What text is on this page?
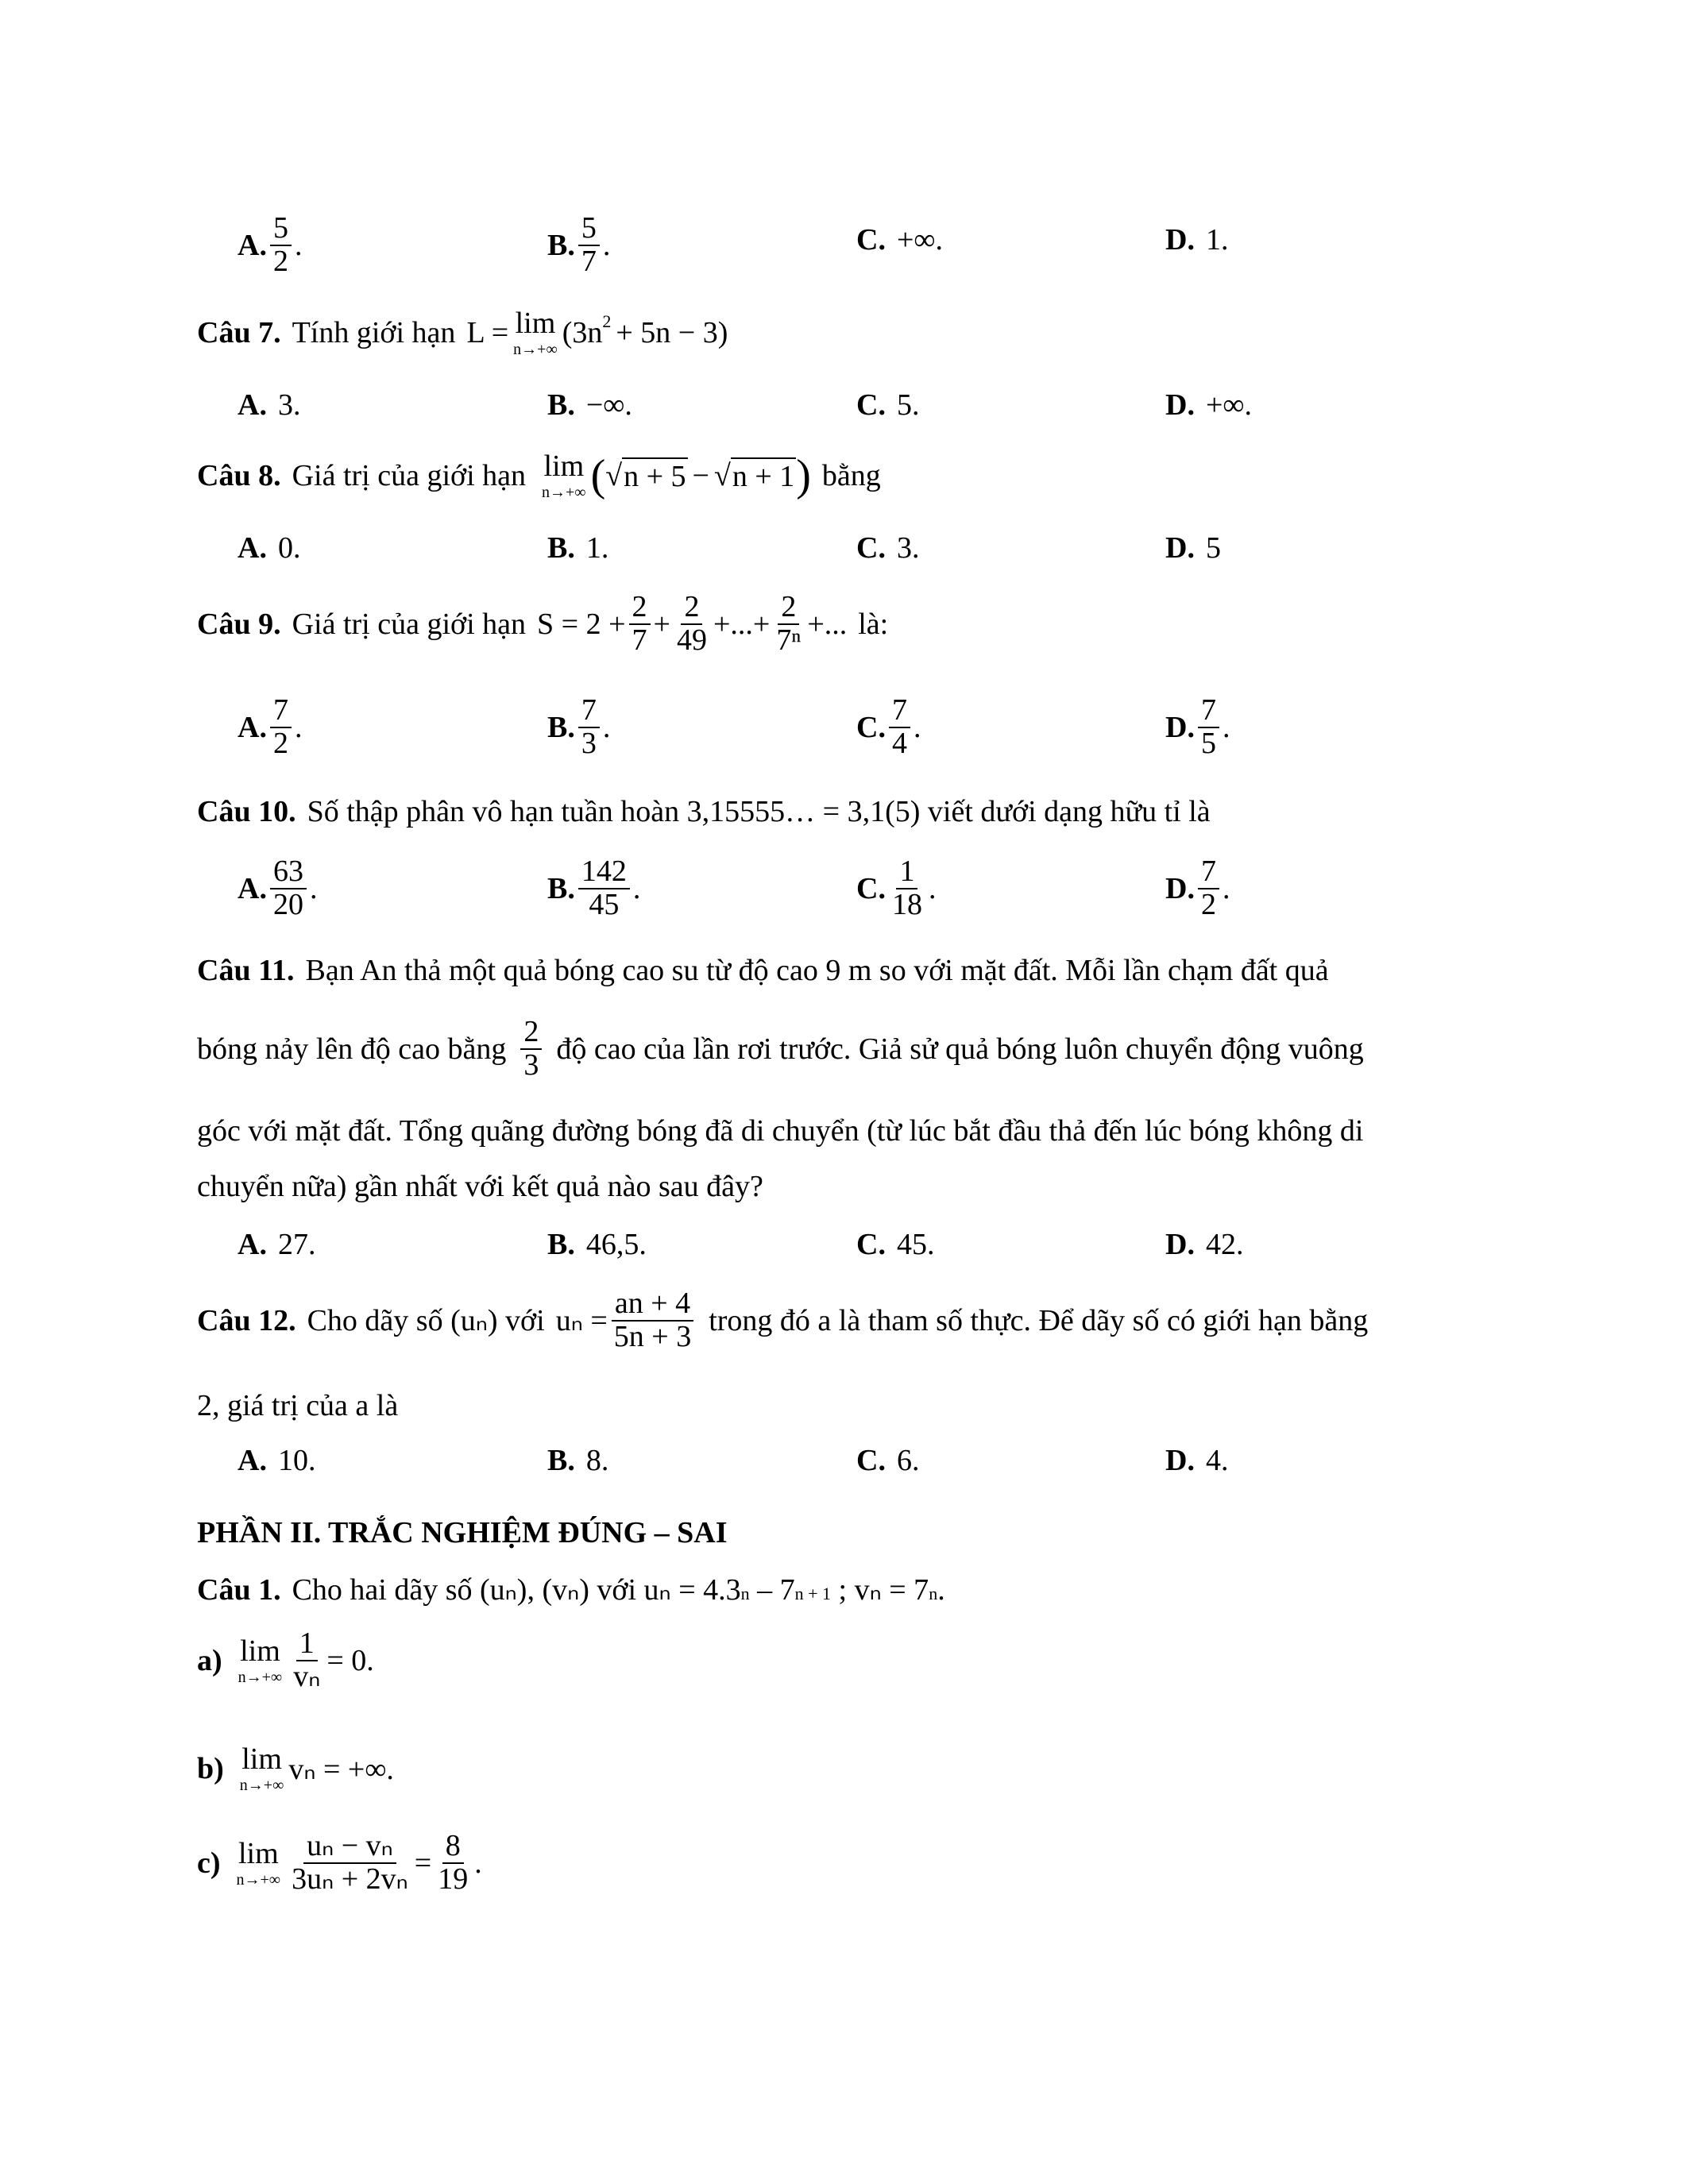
A. $\frac{5}{2}$ .	B. $\frac{5}{7}$ .	C. +∞.	D. 1.
Câu 7. Tính giới hạn L = lim
n→+∞ $(3n^2 + 5n - 3)$
A. 3.	B. −∞.	C. 5.	D. +∞.
Câu 8. Giá trị của giới hạn lim
n→+∞ ( √ n + 5 − √ n + 1 ) bằng
A. 0.	B. 1.	C. 3.	D. 5
Câu 9. Giá trị của giới hạn $S = 2 + \frac{2}{7} + \frac{2}{49}$ +...+ $\frac{2}{\text{7ⁿ}}$ +... là:
A. $\frac{7}{2}$ .	B. $\frac{7}{3}$ .	C. $\frac{7}{4}$ .	D. $\frac{7}{5}$ .
Câu 10. Số thập phân vô hạn tuần hoàn 3,15555… = 3,1(5) viết dưới dạng hữu tỉ là
A. $\frac{63}{20}$ .	B. $\frac{142}{45}$ .	C. $\frac{1}{18}$ .	D. $\frac{7}{2}$ .
Câu 11. Bạn An thả một quả bóng cao su từ độ cao 9 m so với mặt đất. Mỗi lần chạm đất quả
bóng nảy lên độ cao bằng $\frac{2}{3}$ độ cao của lần rơi trước. Giả sử quả bóng luôn chuyển động vuông
góc với mặt đất. Tổng quãng đường bóng đã di chuyển (từ lúc bắt đầu thả đến lúc bóng không di
chuyển nữa) gần nhất với kết quả nào sau đây?
A. 27.	B. 46,5.	C. 45.	D. 42.
Câu 12. Cho dãy số (uₙ) với $u_n = \frac{an + 4}{5n + 3}$ trong đó a là tham số thực. Để dãy số có giới hạn bằng
2, giá trị của a là
A. 10.	B. 8.	C. 6.	D. 4.
PHẦN II. TRẮC NGHIỆM ĐÚNG – SAI
Câu 1. Cho hai dãy số (uₙ), (vₙ) với uₙ = 4.3 n – 7 n + 1 ; vₙ = 7 n .
a) lim
$n\to+\infty \frac{1}{\text{vₙ}} = 0$.
b) lim
n→+∞ vₙ = +∞.
c) lim
$n\to+\infty \frac{\text{uₙ − vₙ}}{\text{3uₙ + 2vₙ}} = \frac{8}{19}$ .
